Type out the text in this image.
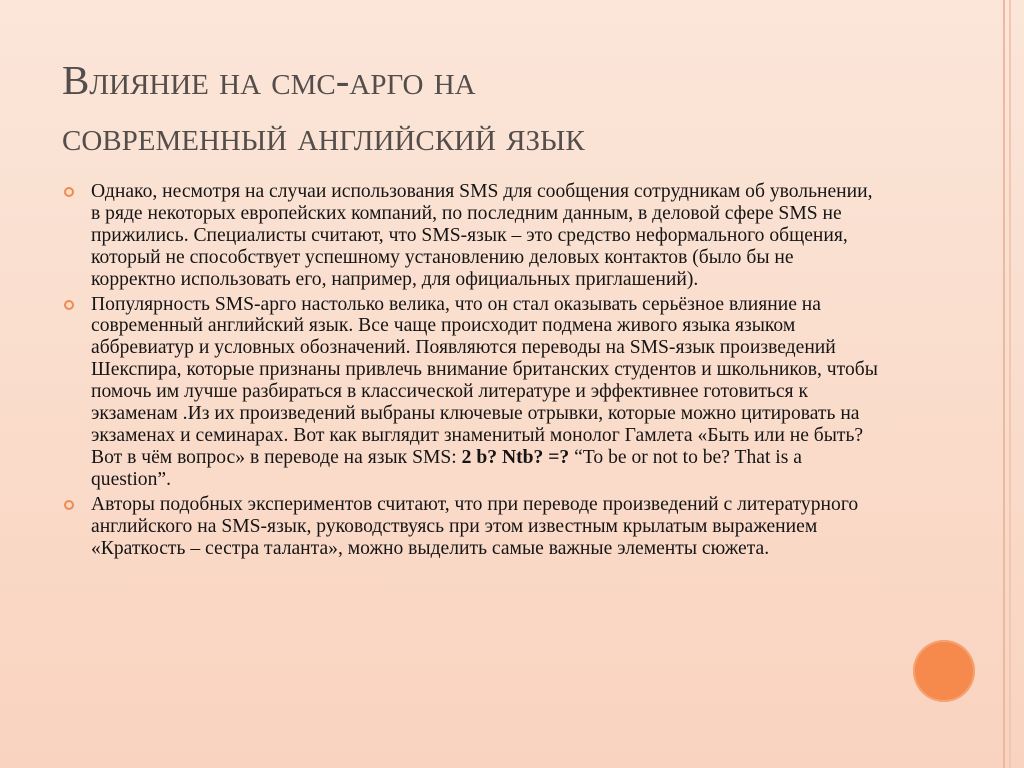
Влияние на смс-арго на
современный английский язык
Однако, несмотря на случаи использования SMS для сообщения сотрудникам об увольнении, в ряде некоторых европейских компаний, по последним данным, в деловой сфере SMS не прижились. Специалисты считают, что SMS-язык – это средство неформального общения, который не способствует успешному установлению деловых контактов (было бы не корректно использовать его, например, для официальных приглашений).
Популярность SMS-арго настолько велика, что он стал оказывать серьёзное влияние на современный английский язык. Все чаще происходит подмена живого языка языком аббревиатур и условных обозначений. Появляются переводы на SMS-язык произведений Шекспира, которые признаны привлечь внимание британских студентов и школьников, чтобы помочь им лучше разбираться в классической литературе и эффективнее готовиться к экзаменам .Из их произведений выбраны ключевые отрывки, которые можно цитировать на экзаменах и семинарах. Вот как выглядит знаменитый монолог Гамлета «Быть или не быть? Вот в чём вопрос» в переводе на язык SMS: 2 b? Ntb? =? “To be or not to be? That is a question”.
Авторы подобных экспериментов считают, что при переводе произведений с литературного английского на SMS-язык, руководствуясь при этом известным крылатым выражением «Краткость – сестра таланта», можно выделить самые важные элементы сюжета.
